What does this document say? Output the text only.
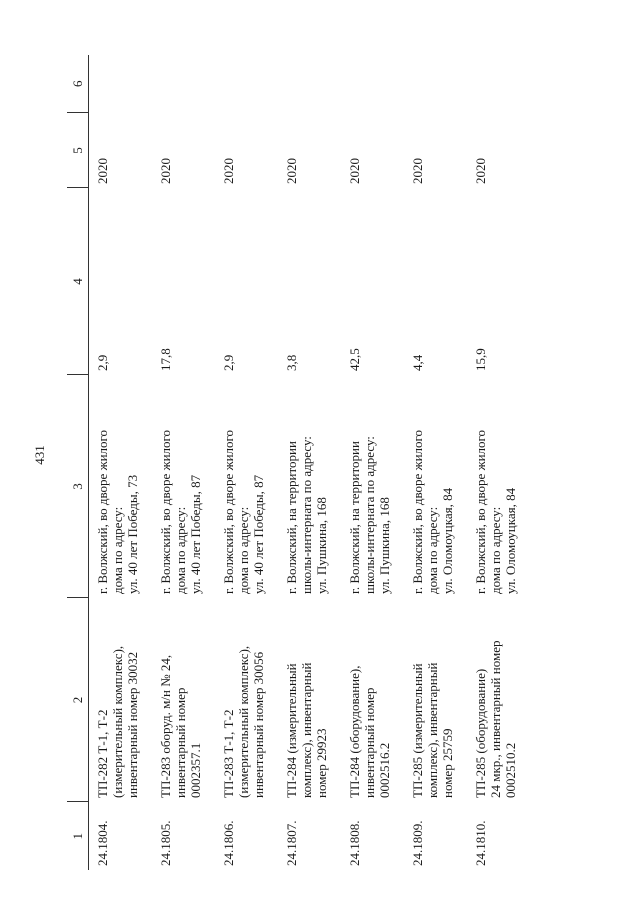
431
1	2	3	4	5	6
24.1804.	ТП-282 Т-1, Т-2 (измерительный комплекс), инвентарный номер 30032	г. Волжский, во дворе жилого дома по адресу: ул. 40 лет Победы, 73	2,9	2020	
24.1805.	ТП-283 оборуд. м/н № 24, инвентарный номер 0002357.1	г. Волжский, во дворе жилого дома по адресу: ул. 40 лет Победы, 87	17,8	2020	
24.1806.	ТП-283 Т-1, Т-2 (измерительный комплекс), инвентарный номер 30056	г. Волжский, во дворе жилого дома по адресу: ул. 40 лет Победы, 87	2,9	2020	
24.1807.	ТП-284 (измерительный комплекс), инвентарный номер 29923	г. Волжский, на территории школы-интерната по адресу: ул. Пушкина, 168	3,8	2020	
24.1808.	ТП-284 (оборудование), инвентарный номер 0002516.2	г. Волжский, на территории школы-интерната по адресу: ул. Пушкина, 168	42,5	2020	
24.1809.	ТП-285 (измерительный комплекс), инвентарный номер 25759	г. Волжский, во дворе жилого дома по адресу: ул. Оломоуцкая, 84	4,4	2020	
24.1810.	ТП-285 (оборудование) 24 мкр., инвентарный номер 0002510.2	г. Волжский, во дворе жилого дома по адресу: ул. Оломоуцкая, 84	15,9	2020	
